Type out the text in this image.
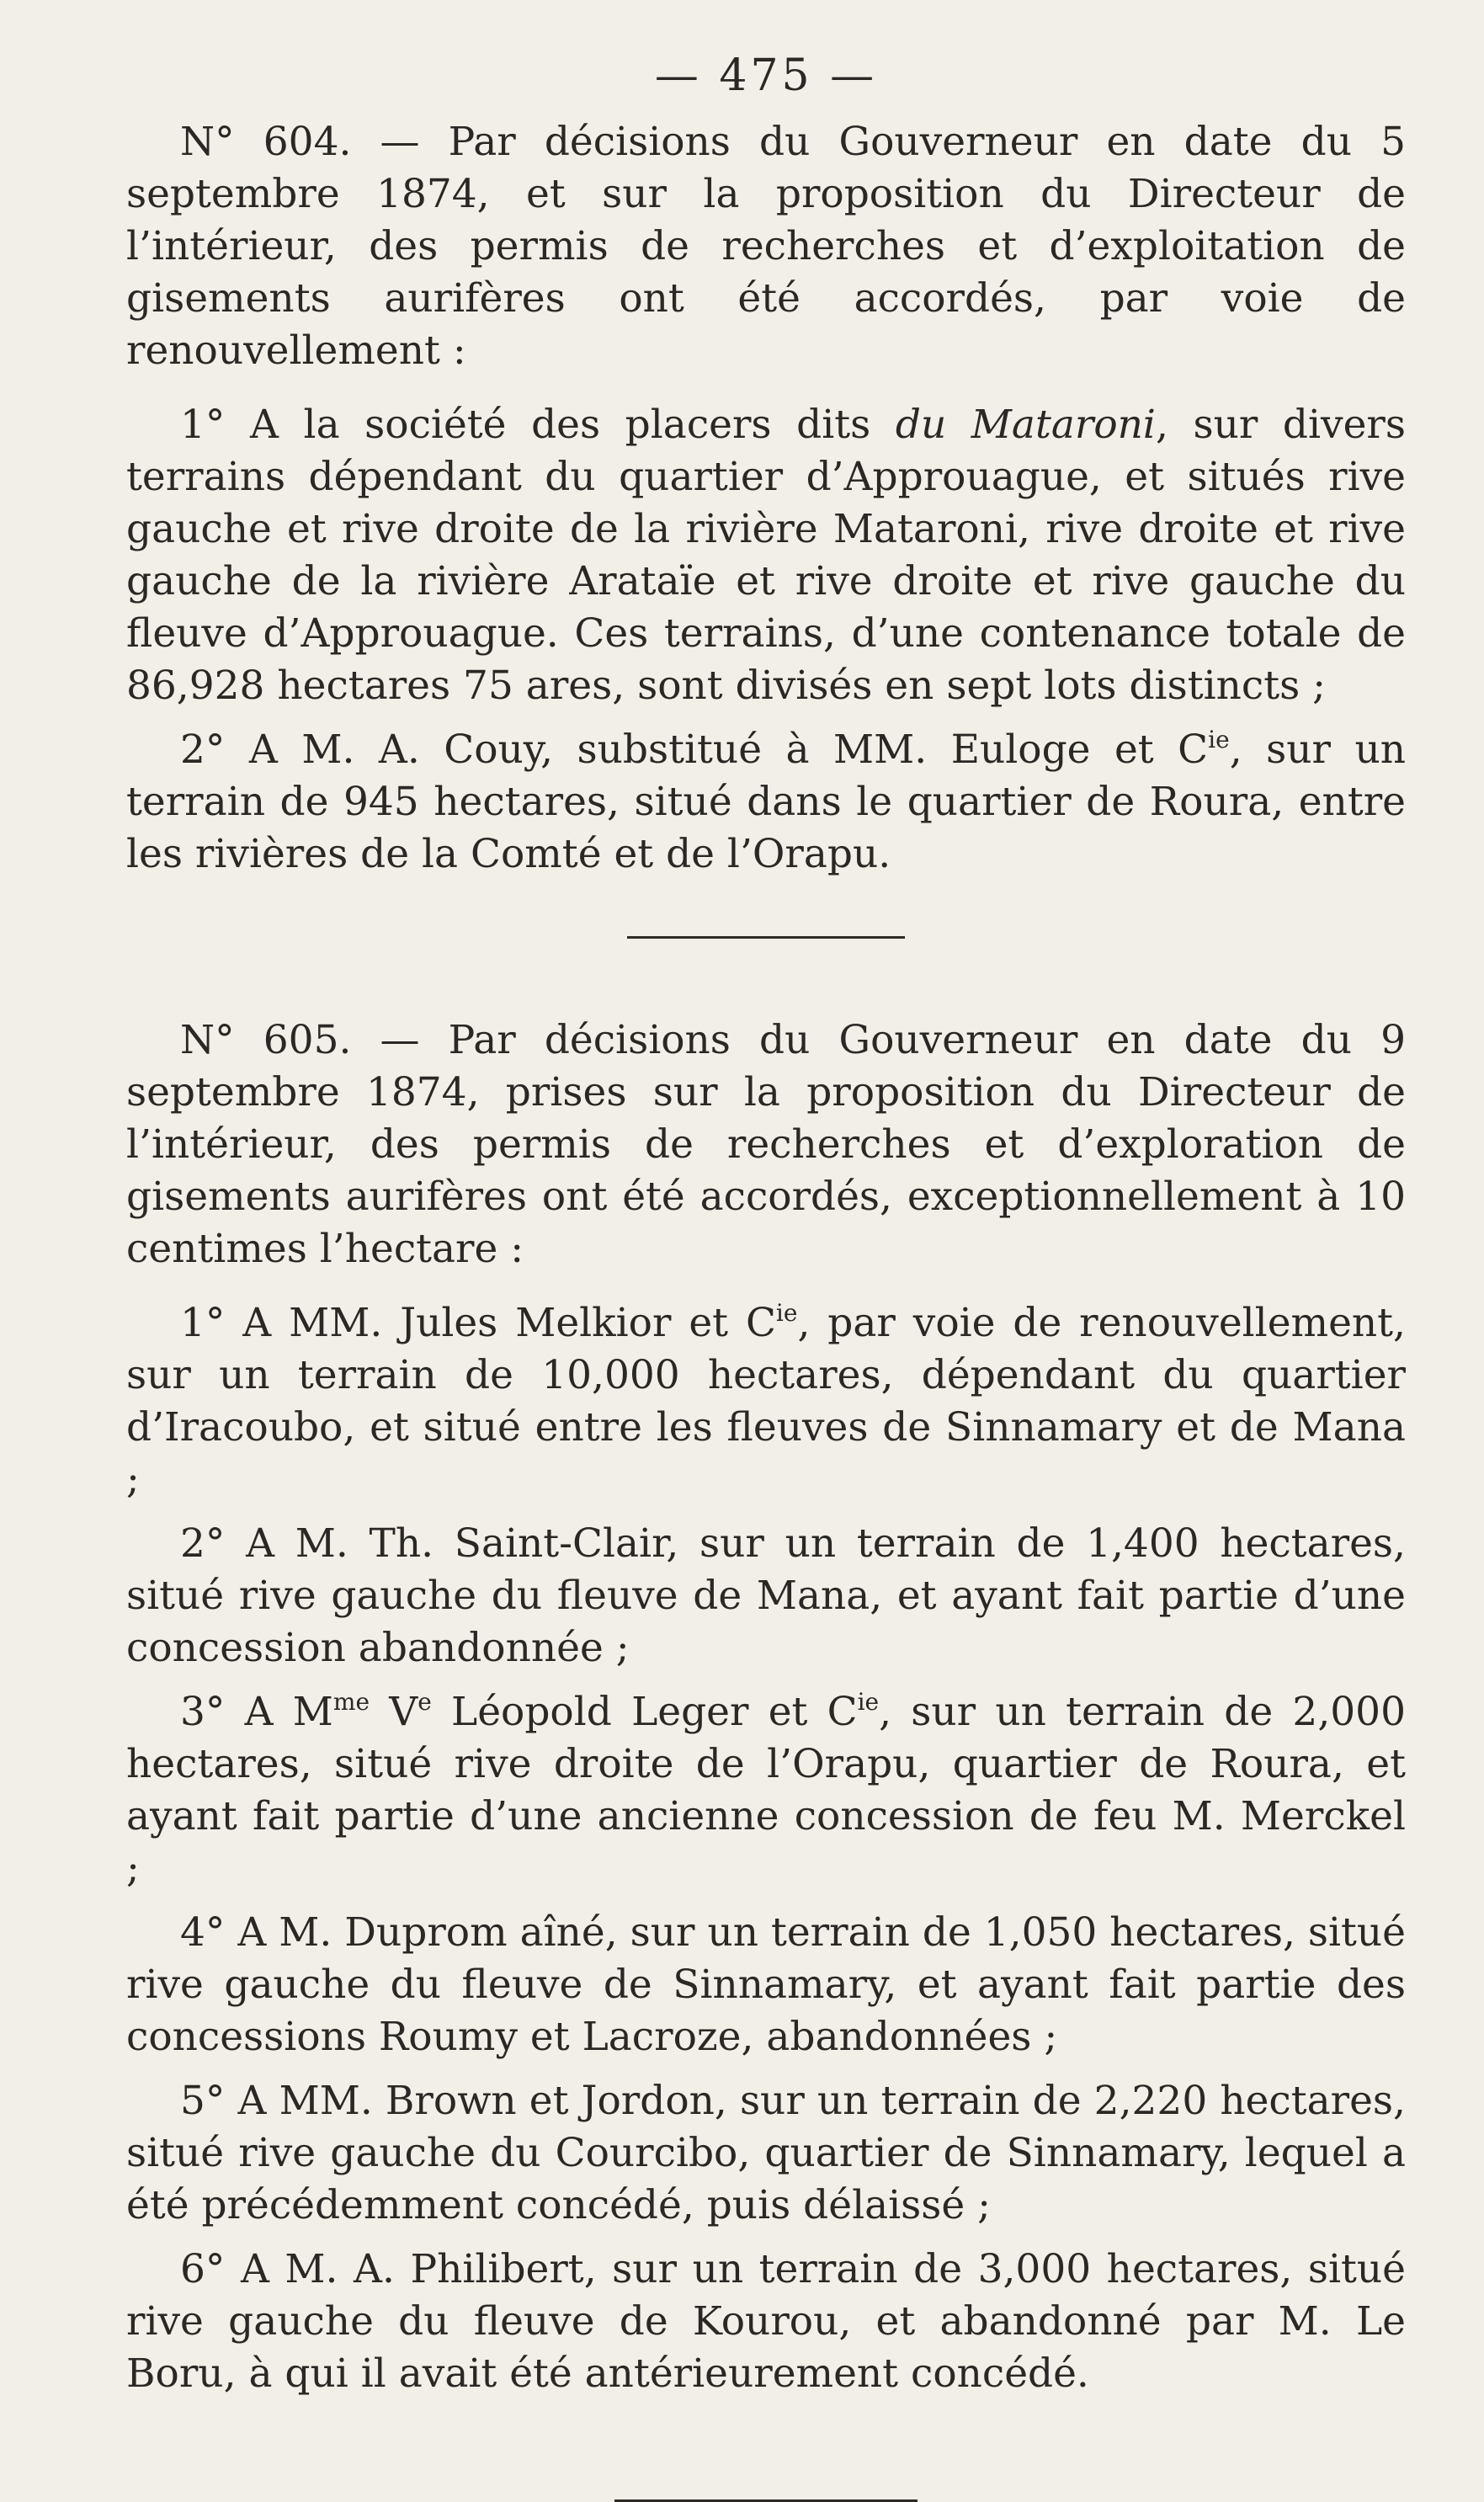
— 475 —

N° 604. — Par décisions du Gouverneur en date du 5 septembre 1874, et sur la proposition du Directeur de l’intérieur, des permis de recherches et d’exploitation de gisements aurifères ont été accordés, par voie de renouvellement :

1° A la société des placers dits du Mataroni, sur divers terrains dépendant du quartier d’Approuague, et situés rive gauche et rive droite de la rivière Mataroni, rive droite et rive gauche de la rivière Arataïe et rive droite et rive gauche du fleuve d’Approuague. Ces terrains, d’une contenance totale de 86,928 hectares 75 ares, sont divisés en sept lots distincts ;

2° A M. A. Couy, substitué à MM. Euloge et $C^{ie}$, sur un terrain de 945 hectares, situé dans le quartier de Roura, entre les rivières de la Comté et de l’Orapu.

N° 605. — Par décisions du Gouverneur en date du 9 septembre 1874, prises sur la proposition du Directeur de l’intérieur, des permis de recherches et d’exploration de gisements aurifères ont été accordés, exceptionnellement à 10 centimes l’hectare :

1° A MM. Jules Melkior et $C^{ie}$, par voie de renouvellement, sur un terrain de 10,000 hectares, dépendant du quartier d’Iracoubo, et situé entre les fleuves de Sinnamary et de Mana ;

2° A M. Th. Saint-Clair, sur un terrain de 1,400 hectares, situé rive gauche du fleuve de Mana, et ayant fait partie d’une concession abandonnée ;

3° A $M^{me}$ Ve Léopold Leger et $C^{ie}$, sur un terrain de 2,000 hectares, situé rive droite de l’Orapu, quartier de Roura, et ayant fait partie d’une ancienne concession de feu M. Merckel ;

4° A M. Duprom aîné, sur un terrain de 1,050 hectares, situé rive gauche du fleuve de Sinnamary, et ayant fait partie des concessions Roumy et Lacroze, abandonnées ;

5° A MM. Brown et Jordon, sur un terrain de 2,220 hectares, situé rive gauche du Courcibo, quartier de Sinnamary, lequel a été précédemment concédé, puis délaissé ;

6° A M. A. Philibert, sur un terrain de 3,000 hectares, situé rive gauche du fleuve de Kourou, et abandonné par M. Le Boru, à qui il avait été antérieurement concédé.
